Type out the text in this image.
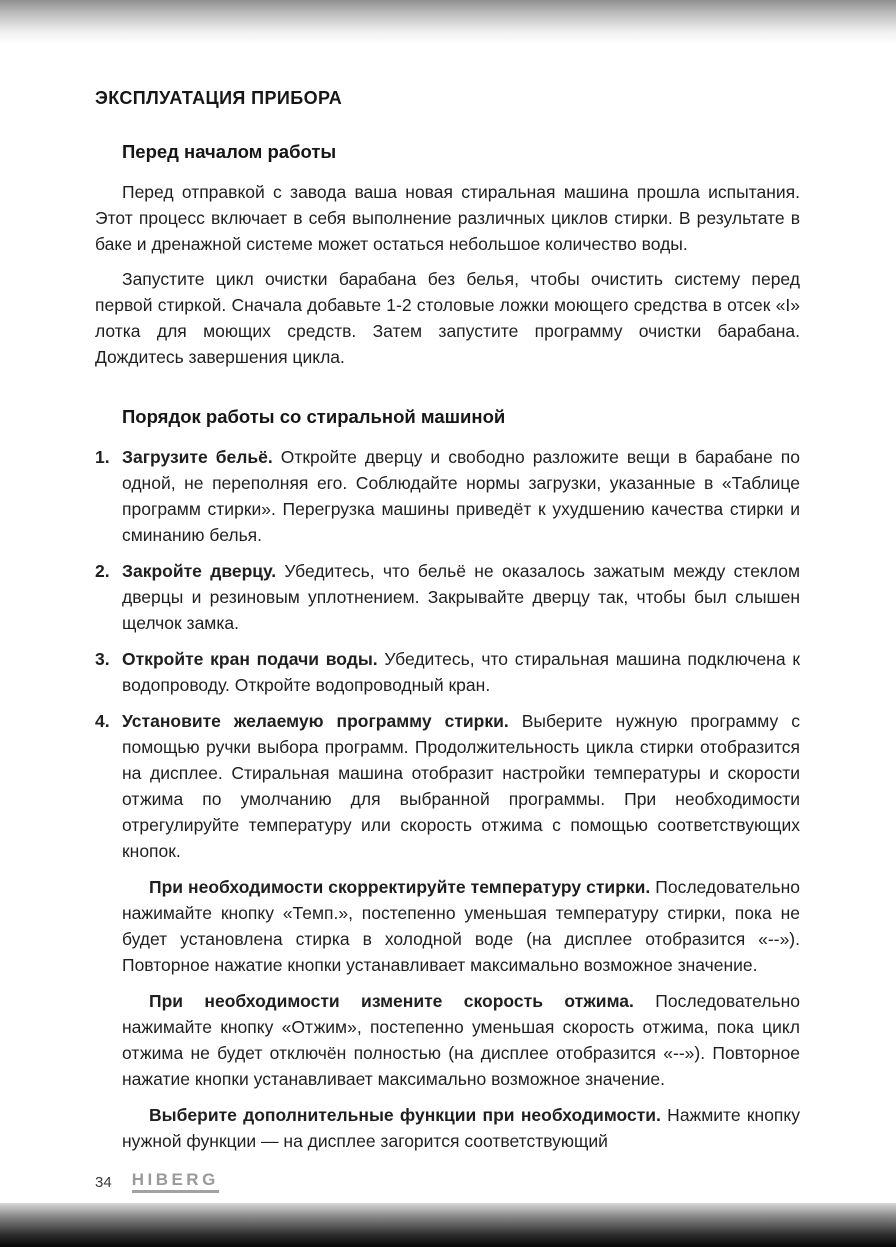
ЭКСПЛУАТАЦИЯ ПРИБОРА
Перед началом работы

Перед отправкой с завода ваша новая стиральная машина прошла испытания. Этот процесс включает в себя выполнение различных циклов стирки. В результате в баке и дренажной системе может остаться небольшое количество воды.

Запустите цикл очистки барабана без белья, чтобы очистить систему перед первой стиркой. Сначала добавьте 1-2 столовые ложки моющего средства в отсек «I» лотка для моющих средств. Затем запустите программу очистки барабана. Дождитесь завершения цикла.

Порядок работы со стиральной машиной
1. Загрузите бельё. Откройте дверцу и свободно разложите вещи в барабане по одной, не переполняя его. Соблюдайте нормы загрузки, указанные в «Таблице программ стирки». Перегрузка машины приведёт к ухудшению качества стирки и сминанию белья.

2. Закройте дверцу. Убедитесь, что бельё не оказалось зажатым между стеклом дверцы и резиновым уплотнением. Закрывайте дверцу так, чтобы был слышен щелчок замка.

3. Откройте кран подачи воды. Убедитесь, что стиральная машина подключена к водопроводу. Откройте водопроводный кран.

4. Установите желаемую программу стирки. Выберите нужную программу с помощью ручки выбора программ. Продолжительность цикла стирки отобразится на дисплее. Стиральная машина отобразит настройки температуры и скорости отжима по умолчанию для выбранной программы. При необходимости отрегулируйте температуру или скорость отжима с помощью соответствующих кнопок.

При необходимости скорректируйте температуру стирки. Последовательно нажимайте кнопку «Темп.», постепенно уменьшая температуру стирки, пока не будет установлена стирка в холодной воде (на дисплее отобразится «--»). Повторное нажатие кнопки устанавливает максимально возможное значение.

При необходимости измените скорость отжима. Последовательно нажимайте кнопку «Отжим», постепенно уменьшая скорость отжима, пока цикл отжима не будет отключён полностью (на дисплее отобразится «--»). Повторное нажатие кнопки устанавливает максимально возможное значение.

Выберите дополнительные функции при необходимости. Нажмите кнопку нужной функции — на дисплее загорится соответствующий

34 HIBERG
